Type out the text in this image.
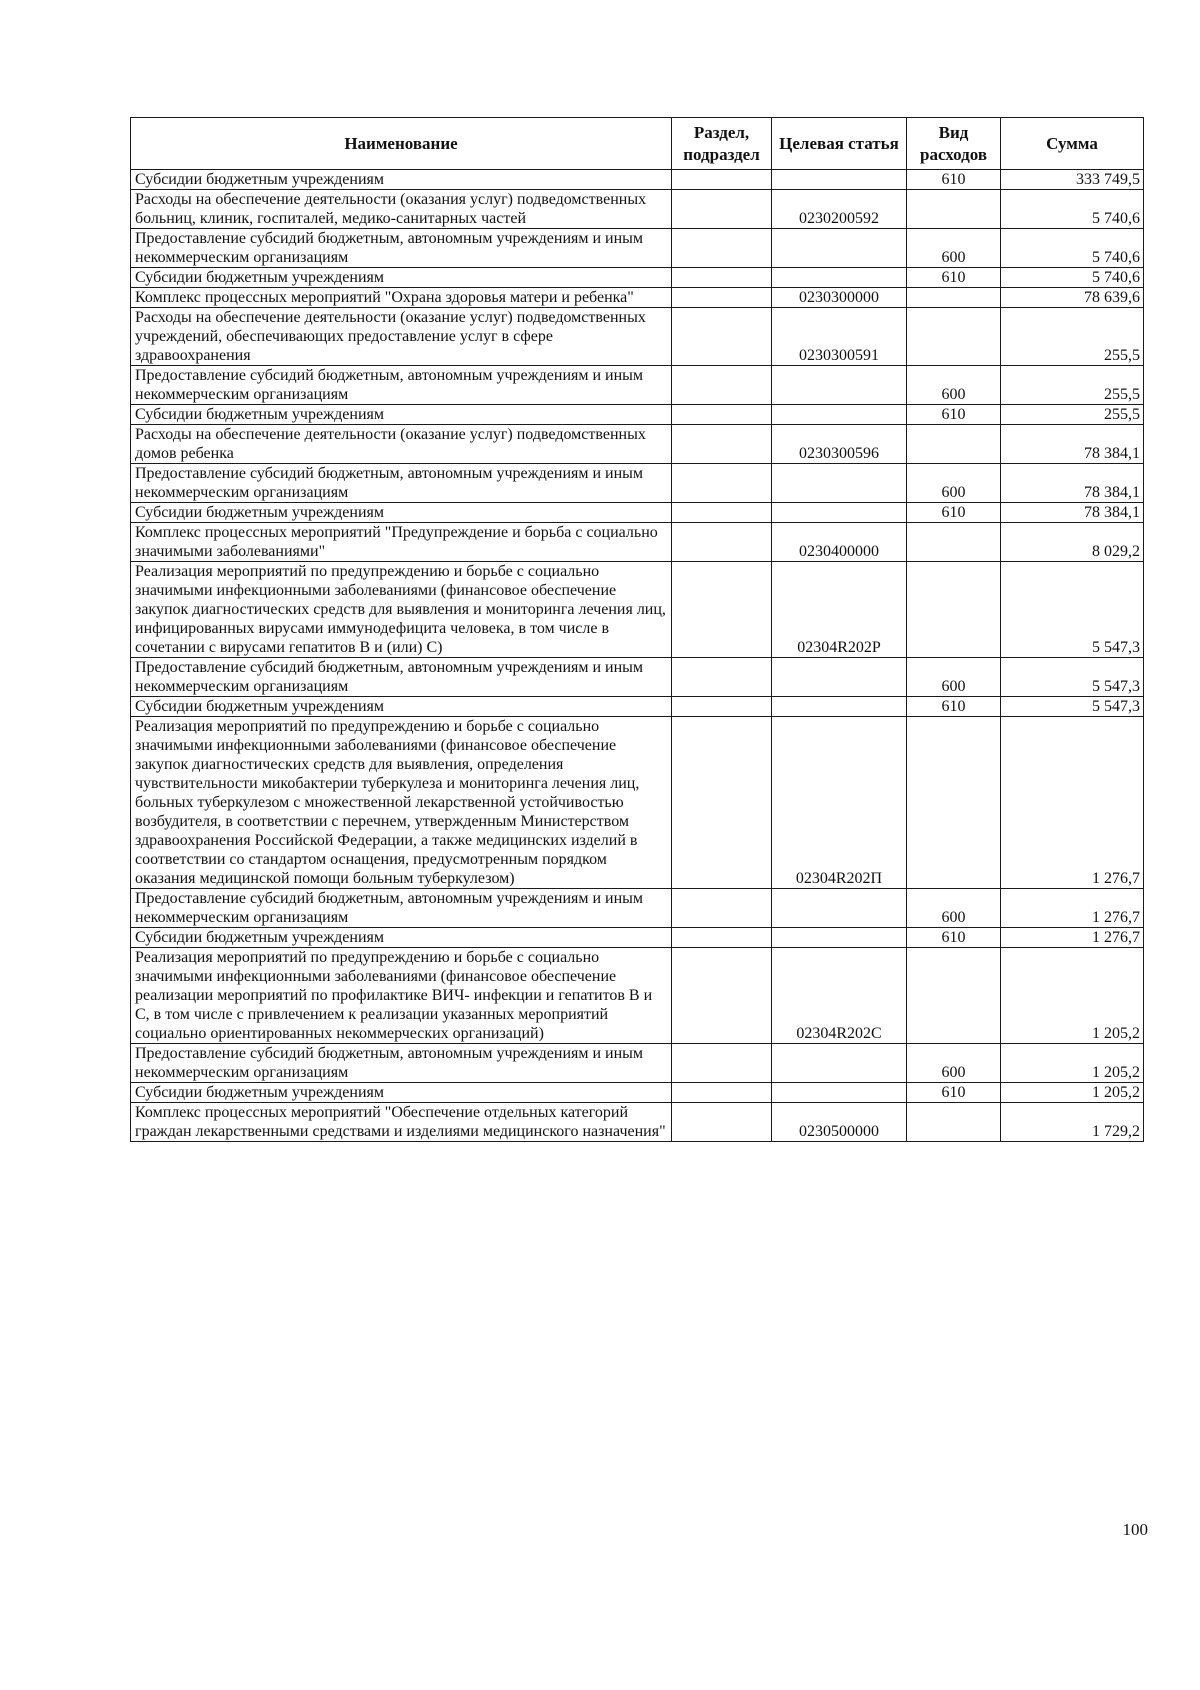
Наименование	Раздел, подраздел	Целевая статья	Вид расходов	Сумма
Субсидии бюджетным учреждениям			610	333 749,5
Расходы на обеспечение деятельности (оказания услуг) подведомственных больниц, клиник, госпиталей, медико-санитарных частей		0230200592		5 740,6
Предоставление субсидий бюджетным, автономным учреждениям и иным некоммерческим организациям			600	5 740,6
Субсидии бюджетным учреждениям			610	5 740,6
Комплекс процессных мероприятий "Охрана здоровья матери и ребенка"		0230300000		78 639,6
Расходы на обеспечение деятельности (оказание услуг) подведомственных учреждений, обеспечивающих предоставление услуг в сфере здравоохранения		0230300591		255,5
Предоставление субсидий бюджетным, автономным учреждениям и иным некоммерческим организациям			600	255,5
Субсидии бюджетным учреждениям			610	255,5
Расходы на обеспечение деятельности (оказание услуг) подведомственных домов ребенка		0230300596		78 384,1
Предоставление субсидий бюджетным, автономным учреждениям и иным некоммерческим организациям			600	78 384,1
Субсидии бюджетным учреждениям			610	78 384,1
Комплекс процессных мероприятий "Предупреждение и борьба с социально значимыми заболеваниями"		0230400000		8 029,2
Реализация мероприятий по предупреждению и борьбе с социально значимыми инфекционными заболеваниями (финансовое обеспечение закупок диагностических средств для выявления и мониторинга лечения лиц, инфицированных вирусами иммунодефицита человека, в том числе в сочетании с вирусами гепатитов B и (или) C)		02304R202P		5 547,3
Предоставление субсидий бюджетным, автономным учреждениям и иным некоммерческим организациям			600	5 547,3
Субсидии бюджетным учреждениям			610	5 547,3
Реализация мероприятий по предупреждению и борьбе с социально значимыми инфекционными заболеваниями (финансовое обеспечение закупок диагностических средств для выявления, определения чувствительности микобактерии туберкулеза и мониторинга лечения лиц, больных туберкулезом с множественной лекарственной устойчивостью возбудителя, в соответствии с перечнем, утвержденным Министерством здравоохранения Российской Федерации, а также медицинских изделий в соответствии со стандартом оснащения, предусмотренным порядком оказания медицинской помощи больным туберкулезом)		02304R202П		1 276,7
Предоставление субсидий бюджетным, автономным учреждениям и иным некоммерческим организациям			600	1 276,7
Субсидии бюджетным учреждениям			610	1 276,7
Реализация мероприятий по предупреждению и борьбе с социально значимыми инфекционными заболеваниями (финансовое обеспечение реализации мероприятий по профилактике ВИЧ- инфекции и гепатитов В и С, в том числе с привлечением к реализации указанных мероприятий социально ориентированных некоммерческих организаций)		02304R202C		1 205,2
Предоставление субсидий бюджетным, автономным учреждениям и иным некоммерческим организациям			600	1 205,2
Субсидии бюджетным учреждениям			610	1 205,2
Комплекс процессных мероприятий "Обеспечение отдельных категорий граждан лекарственными средствами и изделиями медицинского назначения"		0230500000		1 729,2
100
